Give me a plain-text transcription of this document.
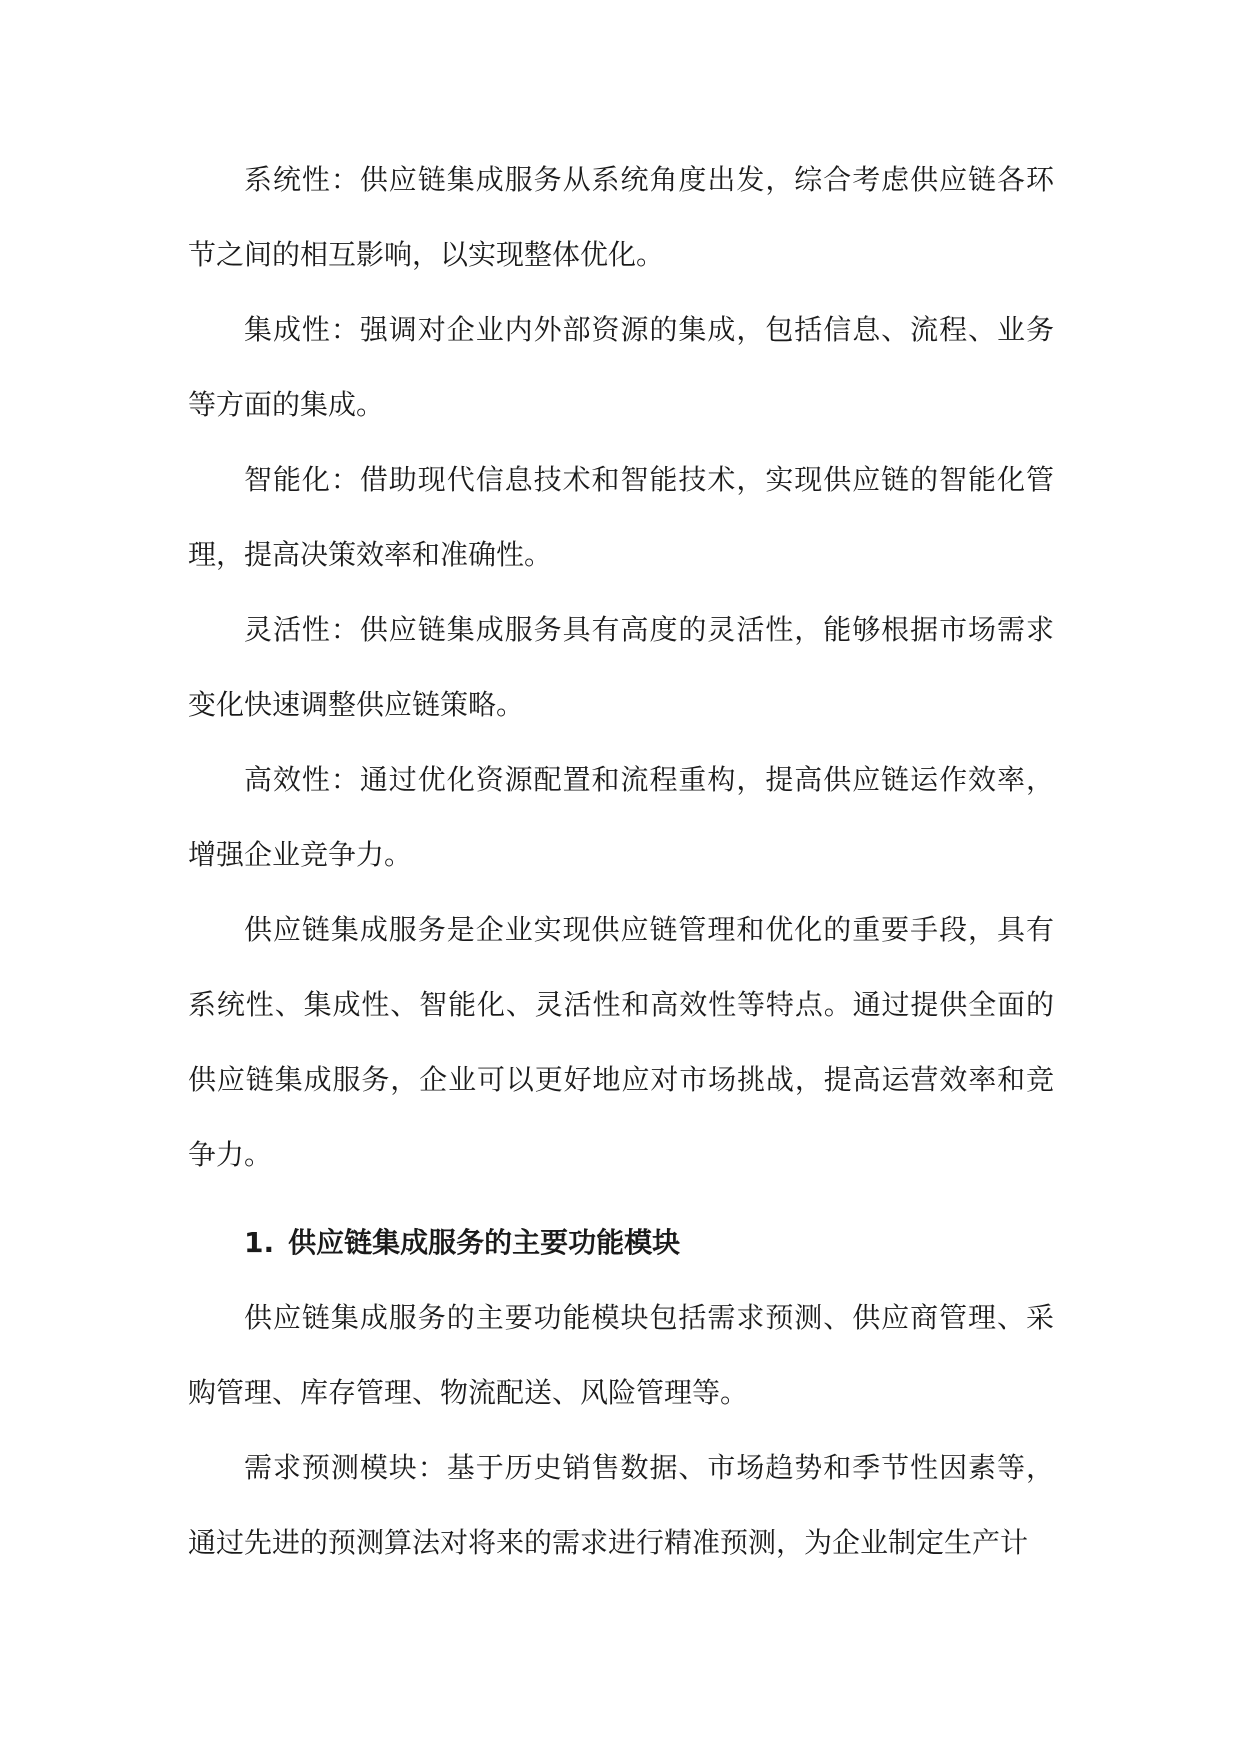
系统性：供应链集成服务从系统角度出发，综合考虑供应链各环节之间的相互影响，以实现整体优化。

集成性：强调对企业内外部资源的集成，包括信息、流程、业务等方面的集成。

智能化：借助现代信息技术和智能技术，实现供应链的智能化管理，提高决策效率和准确性。

灵活性：供应链集成服务具有高度的灵活性，能够根据市场需求变化快速调整供应链策略。

高效性：通过优化资源配置和流程重构，提高供应链运作效率，增强企业竞争力。

供应链集成服务是企业实现供应链管理和优化的重要手段，具有系统性、集成性、智能化、灵活性和高效性等特点。通过提供全面的供应链集成服务，企业可以更好地应对市场挑战，提高运营效率和竞争力。

1. 供应链集成服务的主要功能模块

供应链集成服务的主要功能模块包括需求预测、供应商管理、采购管理、库存管理、物流配送、风险管理等。

需求预测模块：基于历史销售数据、市场趋势和季节性因素等，通过先进的预测算法对将来的需求进行精准预测，为企业制定生产计
